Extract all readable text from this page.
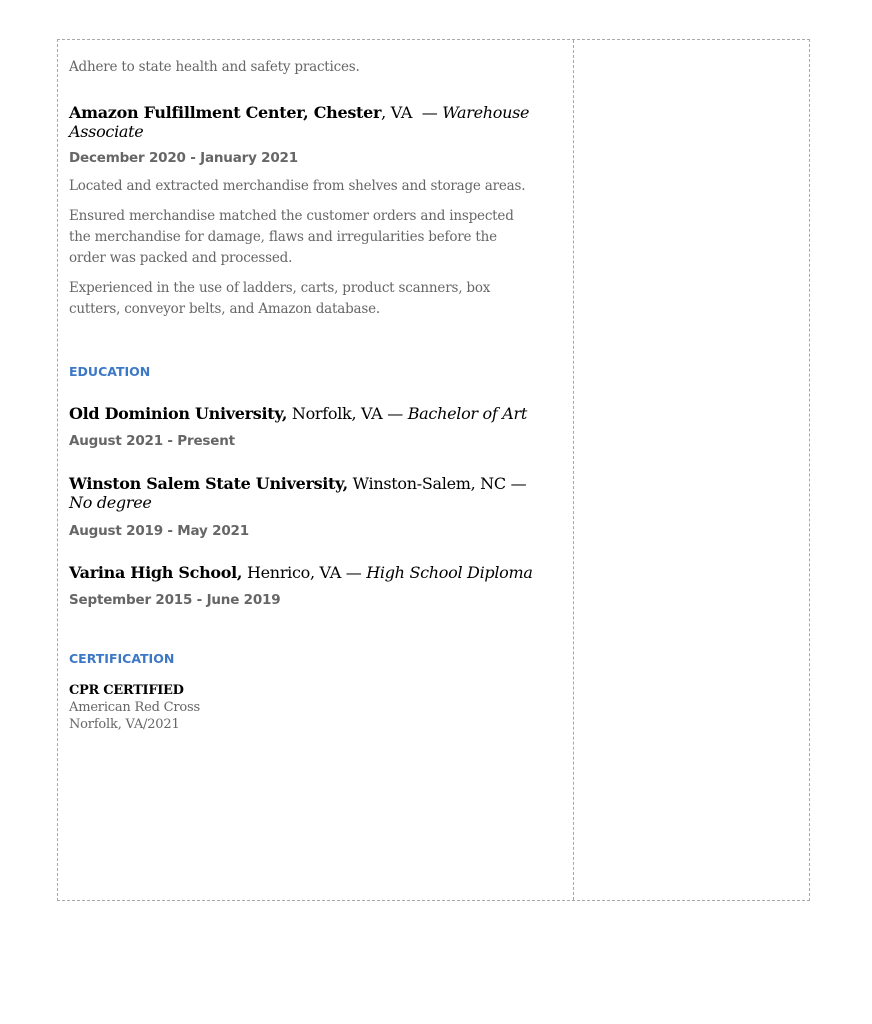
Adhere to state health and safety practices.

Amazon Fulfillment Center, Chester, VA  — Warehouse Associate

December 2020 - January 2021

Located and extracted merchandise from shelves and storage areas.

Ensured merchandise matched the customer orders and inspected the merchandise for damage, flaws and irregularities before the order was packed and processed.

Experienced in the use of ladders, carts, product scanners, box cutters, conveyor belts, and Amazon database.

EDUCATION

Old Dominion University, Norfolk, VA — Bachelor of Art

August 2021 - Present

Winston Salem State University, Winston-Salem, NC — No degree

August 2019 - May 2021

Varina High School, Henrico, VA — High School Diploma

September 2015 - June 2019

CERTIFICATION

CPR CERTIFIED

American Red Cross

Norfolk, VA/2021
